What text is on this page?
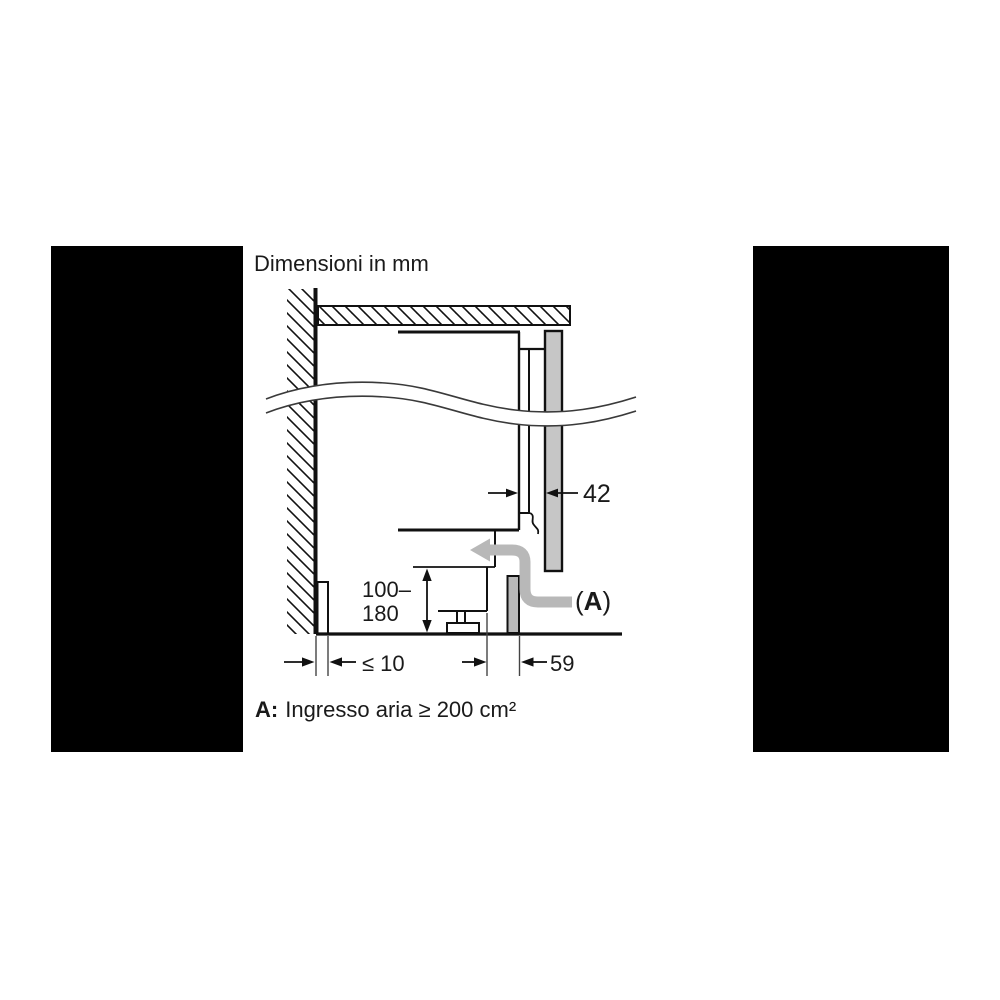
Dimensioni in mm
42
100–
180
≤ 10	59
(A)
A: Ingresso aria ≥ 200 cm²
